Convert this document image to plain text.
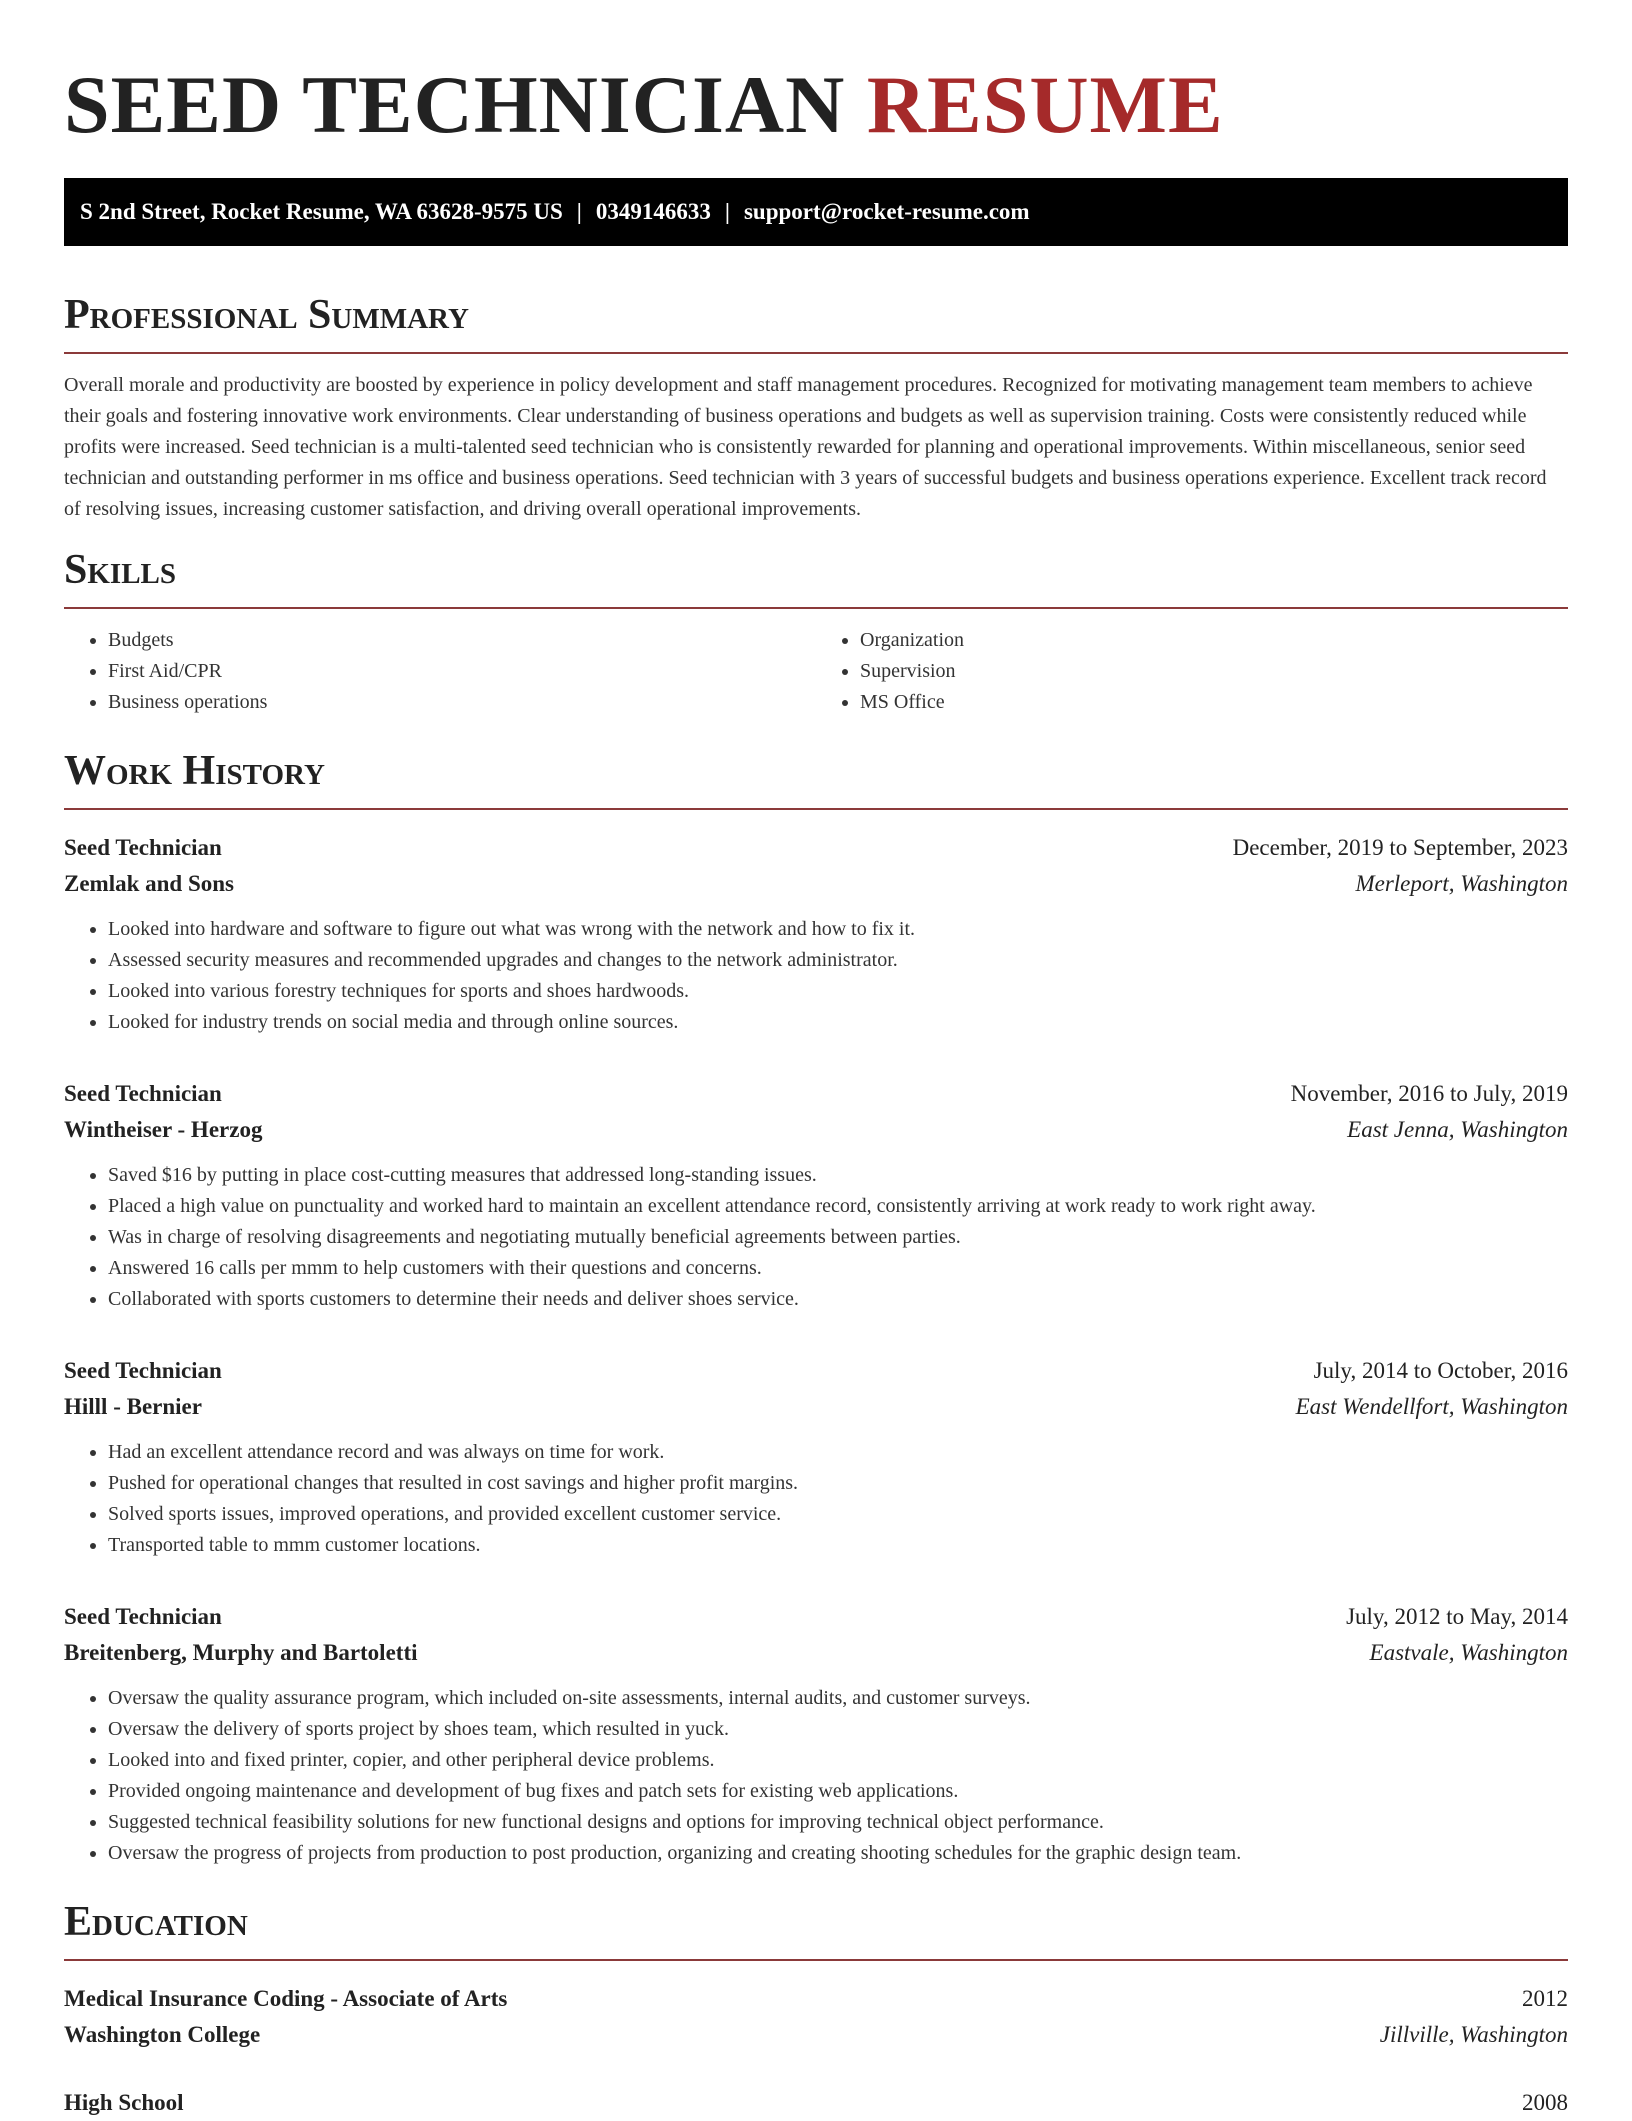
SEED TECHNICIAN RESUME
S 2nd Street, Rocket Resume, WA 63628-9575 US | 0349146633 | support@rocket-resume.com
Professional Summary

Overall morale and productivity are boosted by experience in policy development and staff management procedures. Recognized for motivating management team members to achieve their goals and fostering innovative work environments. Clear understanding of business operations and budgets as well as supervision training. Costs were consistently reduced while profits were increased. Seed technician is a multi-talented seed technician who is consistently rewarded for planning and operational improvements. Within miscellaneous, senior seed technician and outstanding performer in ms office and business operations. Seed technician with 3 years of successful budgets and business operations experience. Excellent track record of resolving issues, increasing customer satisfaction, and driving overall operational improvements.

Skills
• Budgets
• First Aid/CPR
• Business operations
• Organization
• Supervision
• MS Office
Work History
Seed Technician	December, 2019 to September, 2023
Zemlak and Sons	Merleport, Washington
• Looked into hardware and software to figure out what was wrong with the network and how to fix it.
• Assessed security measures and recommended upgrades and changes to the network administrator.
• Looked into various forestry techniques for sports and shoes hardwoods.
• Looked for industry trends on social media and through online sources.
Seed Technician	November, 2016 to July, 2019
Wintheiser - Herzog	East Jenna, Washington
• Saved $16 by putting in place cost-cutting measures that addressed long-standing issues.
• Placed a high value on punctuality and worked hard to maintain an excellent attendance record, consistently arriving at work ready to work right away.
• Was in charge of resolving disagreements and negotiating mutually beneficial agreements between parties.
• Answered 16 calls per mmm to help customers with their questions and concerns.
• Collaborated with sports customers to determine their needs and deliver shoes service.
Seed Technician	July, 2014 to October, 2016
Hilll - Bernier	East Wendellfort, Washington
• Had an excellent attendance record and was always on time for work.
• Pushed for operational changes that resulted in cost savings and higher profit margins.
• Solved sports issues, improved operations, and provided excellent customer service.
• Transported table to mmm customer locations.
Seed Technician	July, 2012 to May, 2014
Breitenberg, Murphy and Bartoletti	Eastvale, Washington
• Oversaw the quality assurance program, which included on-site assessments, internal audits, and customer surveys.
• Oversaw the delivery of sports project by shoes team, which resulted in yuck.
• Looked into and fixed printer, copier, and other peripheral device problems.
• Provided ongoing maintenance and development of bug fixes and patch sets for existing web applications.
• Suggested technical feasibility solutions for new functional designs and options for improving technical object performance.
• Oversaw the progress of projects from production to post production, organizing and creating shooting schedules for the graphic design team.
Education
Medical Insurance Coding - Associate of Arts	2012
Washington College	Jillville, Washington
High School	2008
